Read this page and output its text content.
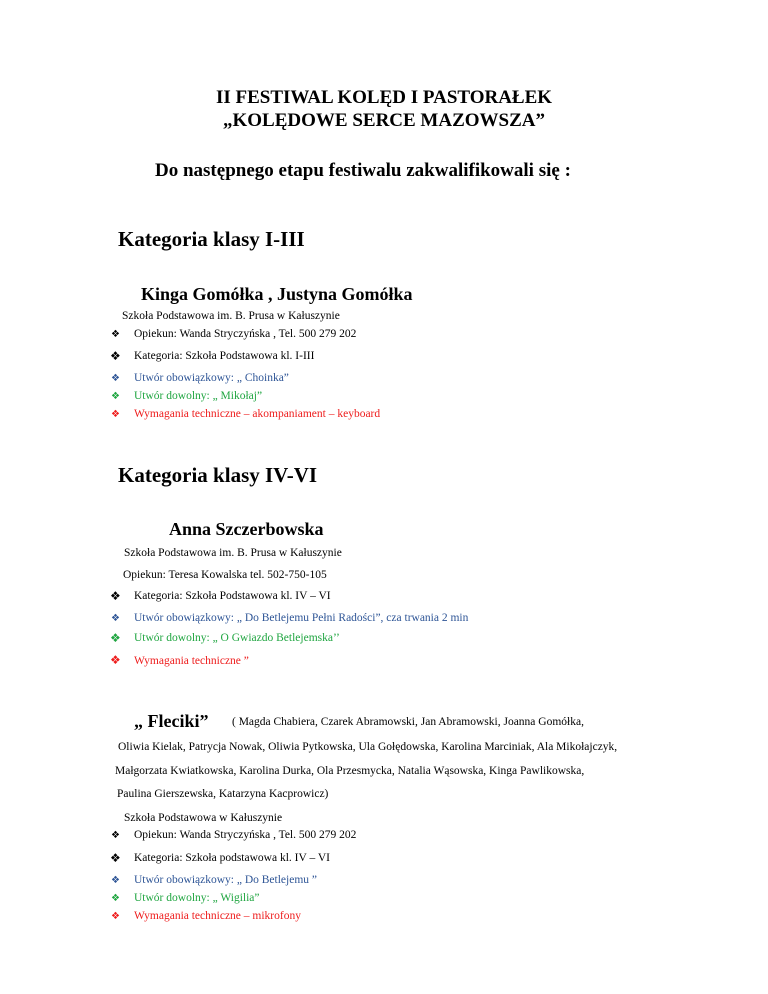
II FESTIWAL KOLĘD I PASTORAŁEK
„KOLĘDOWE SERCE MAZOWSZA”
Do następnego etapu festiwalu zakwalifikowali się :
Kategoria klasy I-III
Kinga Gomółka , Justyna Gomółka
Szkoła Podstawowa im. B. Prusa w Kałuszynie
❖ Opiekun: Wanda Stryczyńska , Tel. 500 279 202
❖ Kategoria: Szkoła Podstawowa kl. I-III
❖ Utwór obowiązkowy: „ Choinka”
❖ Utwór dowolny: „ Mikołaj”
❖ Wymagania techniczne – akompaniament – keyboard
Kategoria klasy IV-VI
Anna Szczerbowska
Szkoła Podstawowa im. B. Prusa w Kałuszynie
Opiekun: Teresa Kowalska tel. 502-750-105
❖ Kategoria: Szkoła Podstawowa kl. IV – VI
❖ Utwór obowiązkowy: „ Do Betlejemu Pełni Radości”, cza trwania 2 min
❖ Utwór dowolny: „ O Gwiazdo Betlejemska’’
❖ Wymagania techniczne ”
„ Fleciki” ( Magda Chabiera, Czarek Abramowski, Jan Abramowski, Joanna Gomółka,
Oliwia Kielak, Patrycja Nowak, Oliwia Pytkowska, Ula Gołędowska, Karolina Marciniak, Ala Mikołajczyk,
Małgorzata Kwiatkowska, Karolina Durka, Ola Przesmycka, Natalia Wąsowska, Kinga Pawlikowska,
Paulina Gierszewska, Katarzyna Kacprowicz)
Szkoła Podstawowa w Kałuszynie
❖ Opiekun: Wanda Stryczyńska , Tel. 500 279 202
❖ Kategoria: Szkoła podstawowa kl. IV – VI
❖ Utwór obowiązkowy: „ Do Betlejemu ”
❖ Utwór dowolny: „ Wigilia”
❖ Wymagania techniczne – mikrofony
